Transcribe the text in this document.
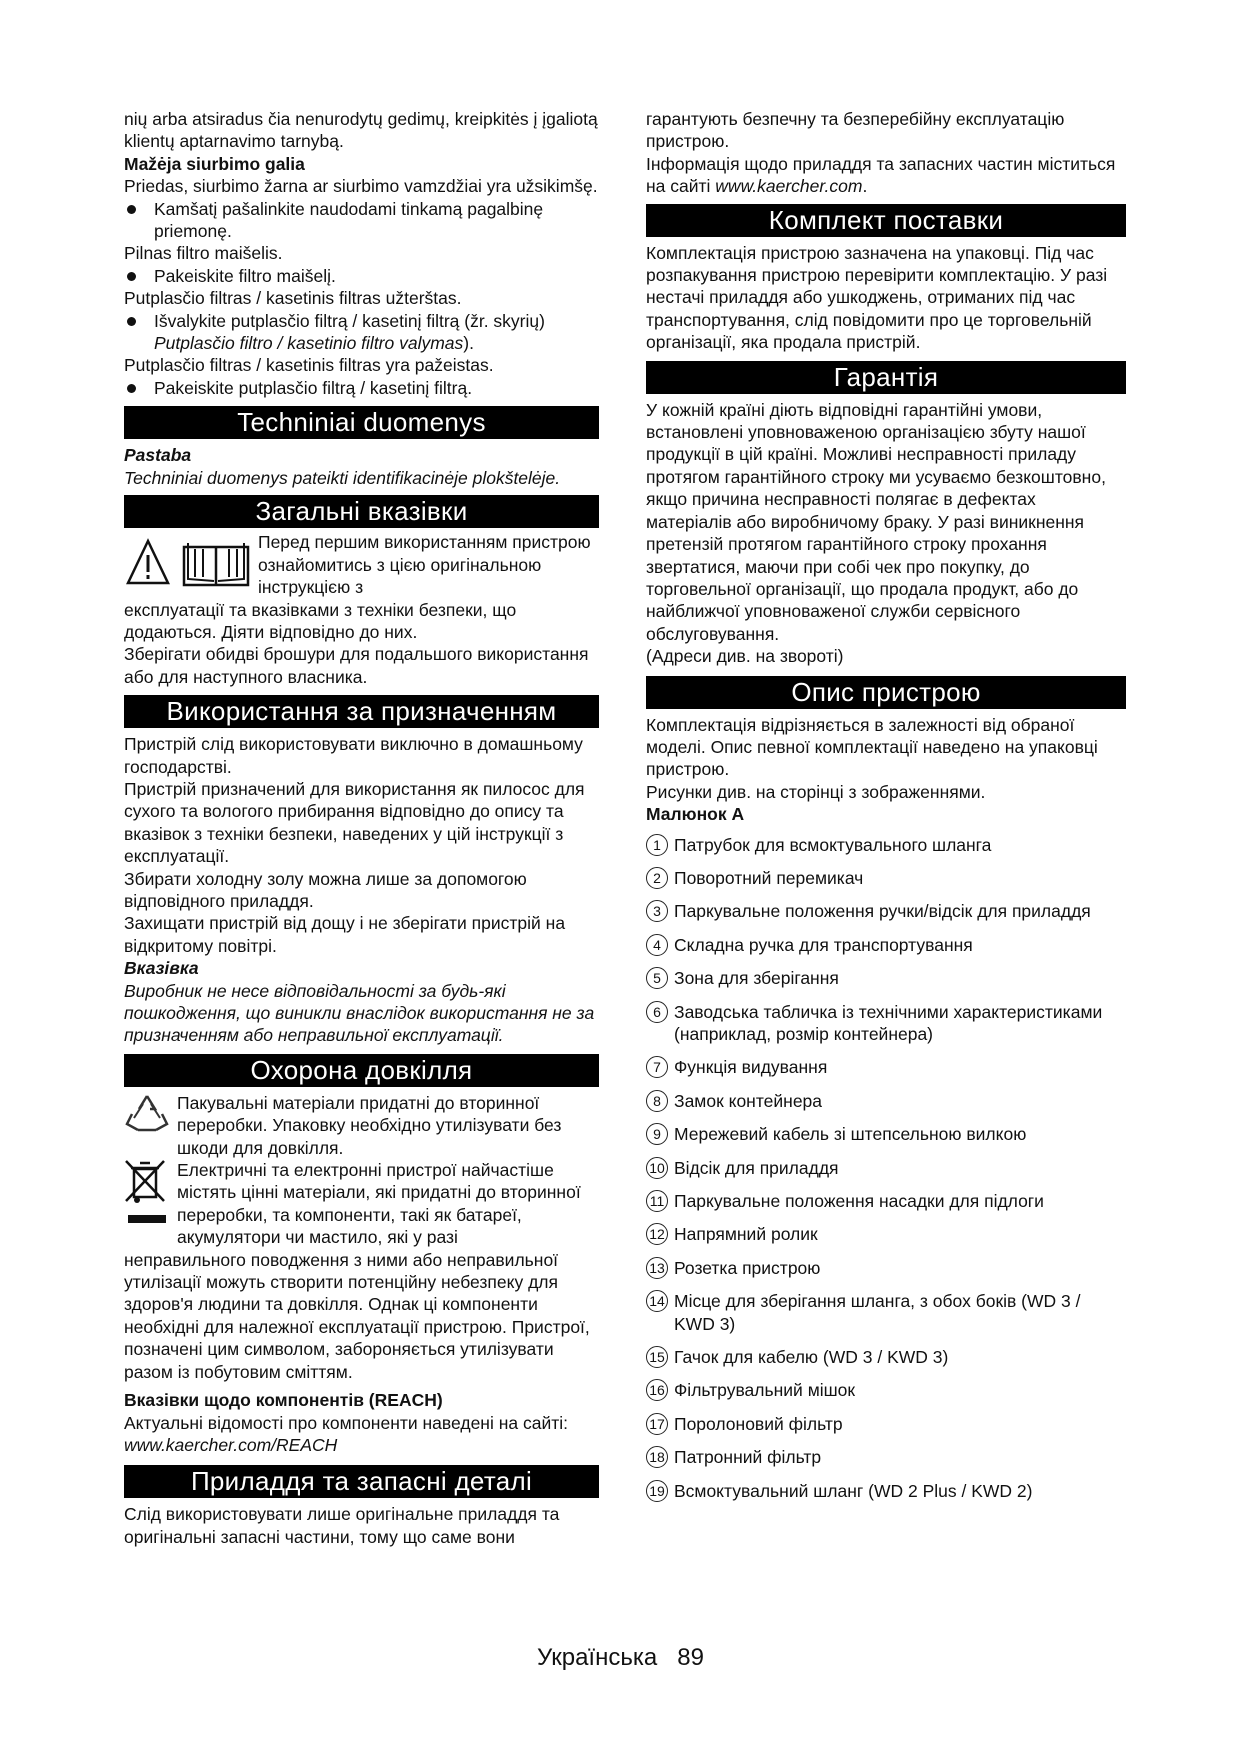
nių arba atsiradus čia nenurodytų gedimų, kreipkitės į įgaliotą klientų aptarnavimo tarnybą.

Mažėja siurbimo galia

Priedas, siurbimo žarna ar siurbimo vamzdžiai yra užsikimšę.

Kamšatį pašalinkite naudodami tinkamą pagalbinę priemonę.

Pilnas filtro maišelis.

Pakeiskite filtro maišelį.

Putplasčio filtras / kasetinis filtras užterštas.

Išvalykite putplasčio filtrą / kasetinį filtrą (žr. skyrių) Putplasčio filtro / kasetinio filtro valymas).

Putplasčio filtras / kasetinis filtras yra pažeistas.

Pakeiskite putplasčio filtrą / kasetinį filtrą.

Techniniai duomenys

Pastaba

Techniniai duomenys pateikti identifikacinėje plokštelėje.

Загальні вказівки

Перед першим використанням пристрою ознайомитись з цією оригінальною інструкцією з

експлуатації та вказівками з техніки безпеки, що додаються. Діяти відповідно до них.

Зберігати обидві брошури для подальшого використання або для наступного власника.

Використання за призначенням

Пристрій слід використовувати виключно в домашньому господарстві.

Пристрій призначений для використання як пилосос для сухого та вологого прибирання відповідно до опису та вказівок з техніки безпеки, наведених у цій інструкції з експлуатації.

Збирати холодну золу можна лише за допомогою відповідного приладдя.

Захищати пристрій від дощу і не зберігати пристрій на відкритому повітрі.

Вказівка

Виробник не несе відповідальності за будь-які пошкодження, що виникли внаслідок використання не за призначенням або неправильної експлуатації.

Охорона довкілля

Пакувальні матеріали придатні до вторинної переробки. Упаковку необхідно утилізувати без шкоди для довкілля.

Електричні та електронні пристрої найчастіше містять цінні матеріали, які придатні до вторинної переробки, та компоненти, такі як батареї, акумулятори чи мастило, які у разі

неправильного поводження з ними або неправильної утилізації можуть створити потенційну небезпеку для здоров'я людини та довкілля. Однак ці компоненти необхідні для належної експлуатації пристрою. Пристрої, позначені цим символом, забороняється утилізувати разом із побутовим сміттям.

Вказівки щодо компонентів (REACH)

Актуальні відомості про компоненти наведені на сайті: www.kaercher.com/REACH

Приладдя та запасні деталі

Слід використовувати лише оригінальне приладдя та оригінальні запасні частини, тому що саме вони

гарантують безпечну та безперебійну експлуатацію пристрою.

Інформація щодо приладдя та запасних частин міститься на сайті www.kaercher.com.

Комплект поставки

Комплектація пристрою зазначена на упаковці. Під час розпакування пристрою перевірити комплектацію. У разі нестачі приладдя або ушкоджень, отриманих під час транспортування, слід повідомити про це торговельній організації, яка продала пристрій.

Гарантія

У кожній країні діють відповідні гарантійні умови, встановлені уповноваженою організацією збуту нашої продукції в цій країні. Можливі несправності приладу протягом гарантійного строку ми усуваємо безкоштовно, якщо причина несправності полягає в дефектах матеріалів або виробничому браку. У разі виникнення претензій протягом гарантійного строку прохання звертатися, маючи при собі чек про покупку, до торговельної організації, що продала продукт, або до найближчої уповноваженої служби сервісного обслуговування.

(Адреси див. на звороті)

Опис пристрою

Комплектація відрізняється в залежності від обраної моделі. Опис певної комплектації наведено на упаковці пристрою.

Рисунки див. на сторінці з зображеннями.

Малюнок A

1 Патрубок для всмоктувального шланга
2 Поворотний перемикач
3 Паркувальне положення ручки/відсік для приладдя
4 Складна ручка для транспортування
5 Зона для зберігання
6 Заводська табличка із технічними характеристиками (наприклад, розмір контейнера)
7 Функція видування
8 Замок контейнера
9 Мережевий кабель зі штепсельною вилкою
10 Відсік для приладдя
11 Паркувальне положення насадки для підлоги
12 Напрямний ролик
13 Розетка пристрою
14 Місце для зберігання шланга, з обох боків (WD 3 / KWD 3)
15 Гачок для кабелю (WD 3 / KWD 3)
16 Фільтрувальний мішок
17 Поролоновий фільтр
18 Патронний фільтр
19 Всмоктувальний шланг (WD 2 Plus / KWD 2)
Українська 89
